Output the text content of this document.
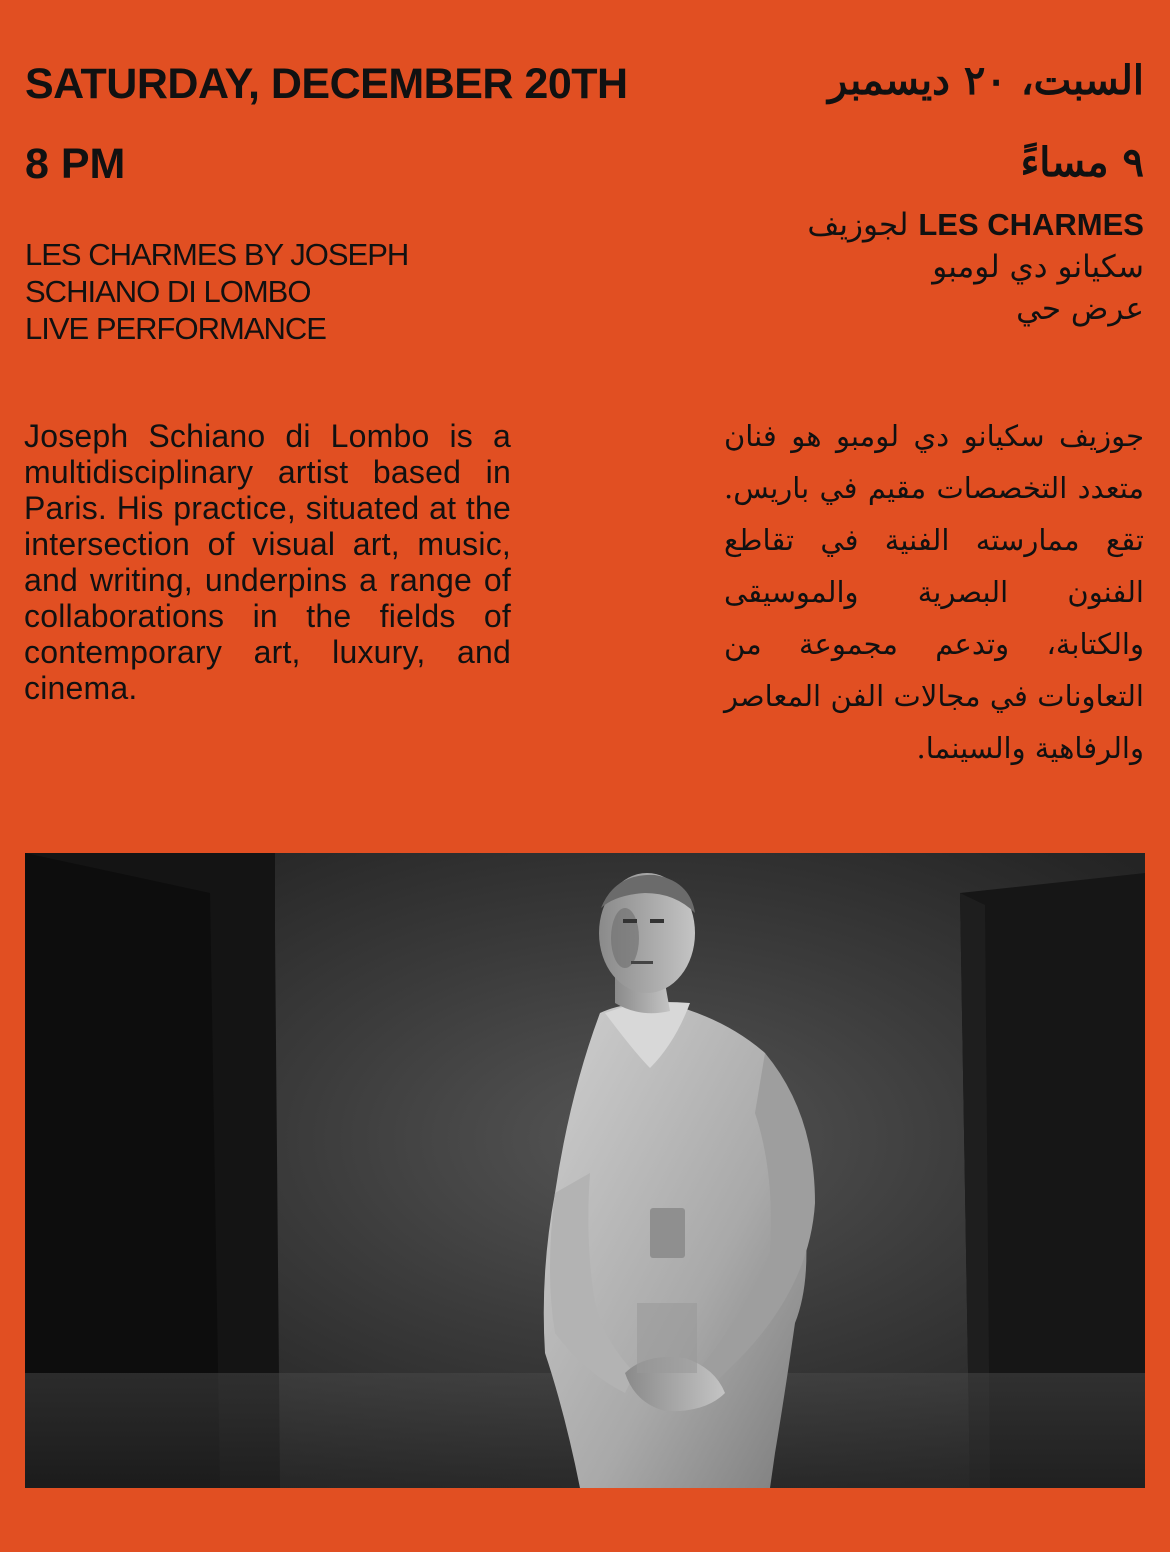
SATURDAY, DECEMBER 20TH
8 PM
LES CHARMES BY JOSEPH
SCHIANO DI LOMBO
LIVE PERFORMANCE
Joseph Schiano di Lombo is a multidisciplinary artist based in Paris. His practice, situated at the intersection of visual art, music, and writing, underpins a range of collaborations in the fields of contemporary art, luxury, and cinema.
السبت، ٢٠ ديسمبر
٩ مساءً
LES CHARMES لجوزيف
سكيانو دي لومبو
عرض حي
جوزيف سكيانو دي لومبو هو فنان متعدد التخصصات مقيم في باريس. تقع ممارسته الفنية في تقاطع الفنون البصرية والموسيقى والكتابة، وتدعم مجموعة من التعاونات في مجالات الفن المعاصر والرفاهية والسينما.
